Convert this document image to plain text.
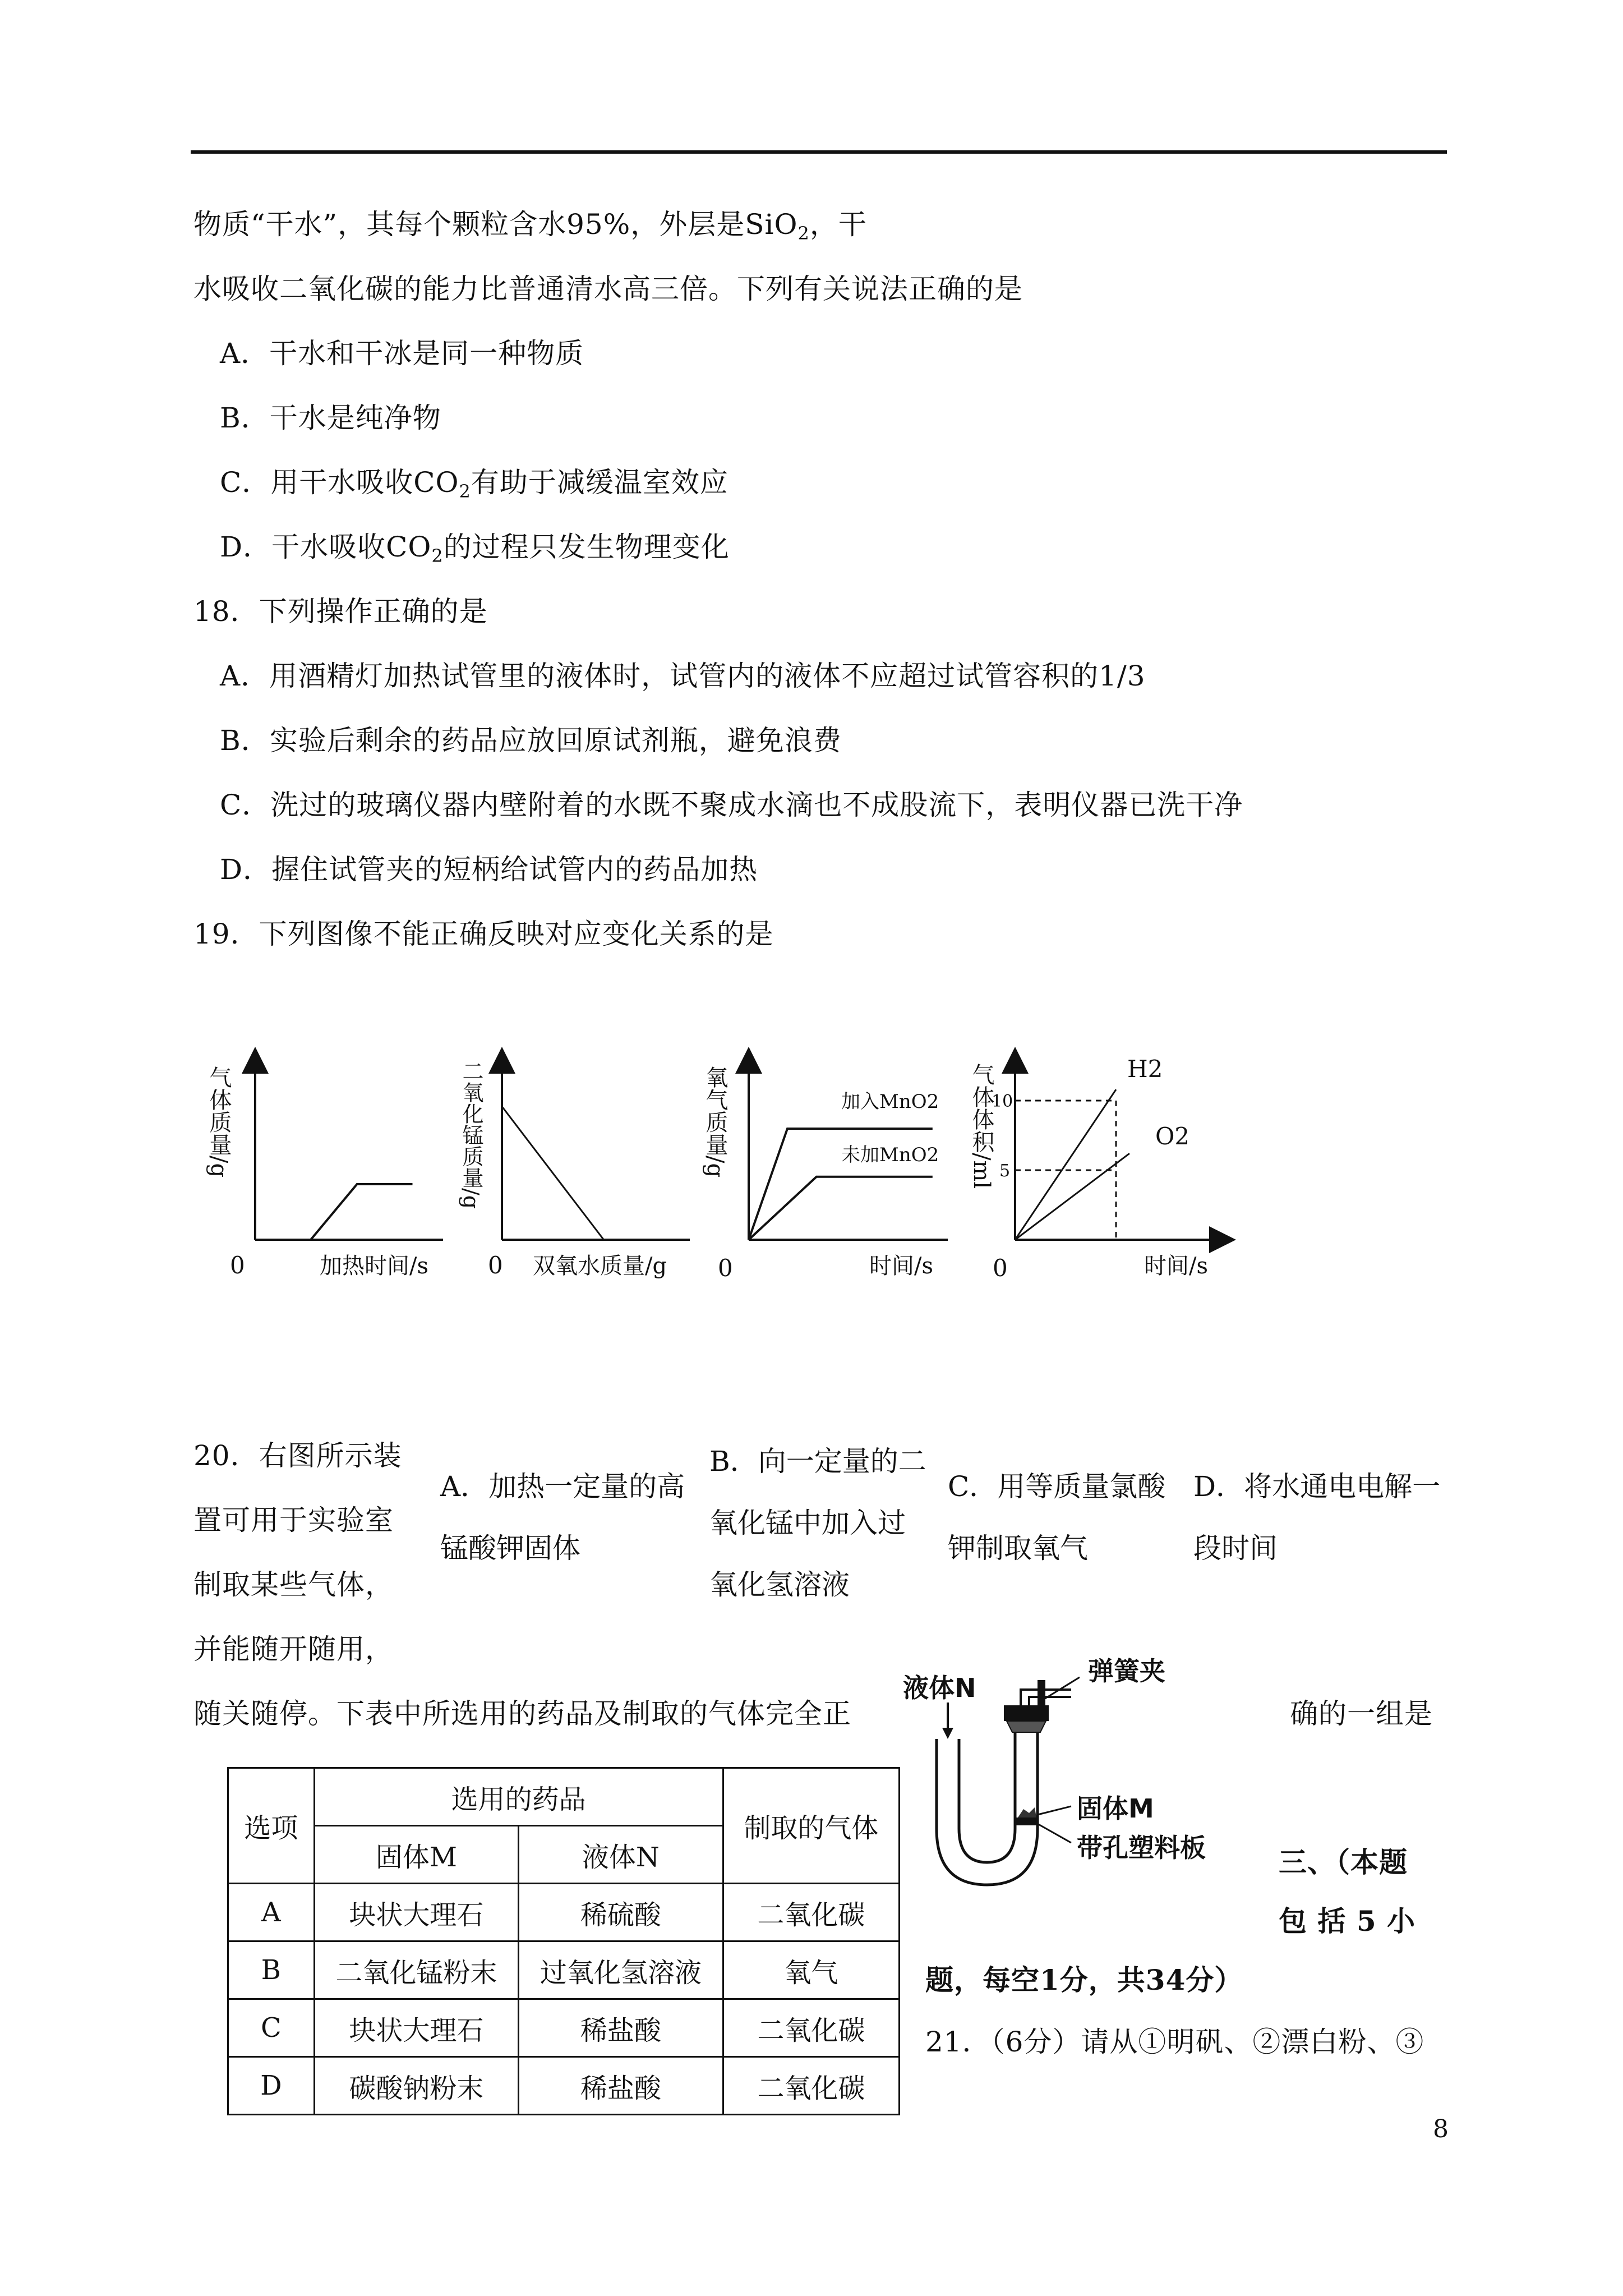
物质“干水”，其每个颗粒含水95%，外层是SiO$_2$，干
水吸收二氧化碳的能力比普通清水高三倍。下列有关说法正确的是
A．干水和干冰是同一种物质
B．干水是纯净物
C．用干水吸收$CO_2$有助于减缓温室效应
D．干水吸收$CO_2$的过程只发生物理变化
18．下列操作正确的是
A．用酒精灯加热试管里的液体时，试管内的液体不应超过试管容积的1/3
B．实验后剩余的药品应放回原试剂瓶，避免浪费
C．洗过的玻璃仪器内壁附着的水既不聚成水滴也不成股流下，表明仪器已洗干净
D．握住试管夹的短柄给试管内的药品加热
19．下列图像不能正确反映对应变化关系的是
气体质量/g
0	加热时间/s
二氧化锰质量/g
0 双氧水质量/g
加入MnO2
未加MnO2
氧气质量/g
0	时间/s
10
5
H2
O2
气体体积/ml
0	时间/s
20．右图所示装
置可用于实验室
制取某些气体，
并能随开随用，
A．加热一定量的高
锰酸钾固体
B．向一定量的二
氧化锰中加入过
氧化氢溶液
C．用等质量氯酸
钾制取氧气
D．将水通电电解一
段时间
随关随停。下表中所选用的药品及制取的气体完全正	确的一组是
弹簧夹
液体N
固体M
带孔塑料板
选项	选用的药品		制取的气体
	固体M	液体N	
A	块状大理石	稀硫酸	二氧化碳
B	二氧化锰粉末	过氧化氢溶液	氧气
C	块状大理石	稀盐酸	二氧化碳
D	碳酸钠粉末	稀盐酸	二氧化碳
三、（本题
包 括 5 小
题，每空1分，共34分）
21．（6分）请从①明矾、②漂白粉、③
8
